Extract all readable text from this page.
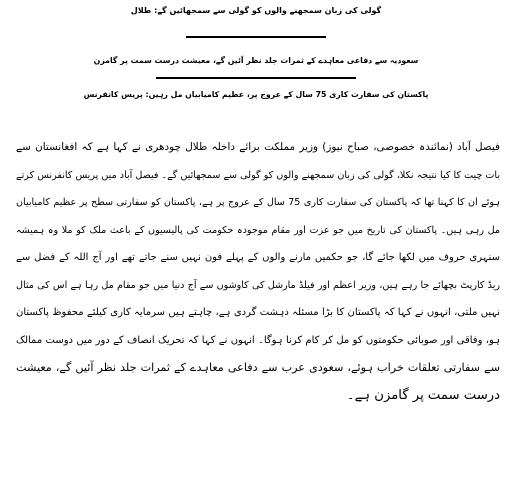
گولی کی زبان سمجھنے والوں کو گولی سے سمجھائیں گے: طلال
سعودیہ سے دفاعی معاہدے کے ثمرات جلد نظر آئیں گے، معیشت درست سمت پر گامزن
پاکستان کی سفارت کاری 75 سال کے عروج پر، عظیم کامیابیاں مل رہیں: پریس کانفرنس
فیصل آباد (نمائندہ خصوصی، صباح نیوز) وزیر مملکت برائے داخلہ طلال چودھری نے کہا ہے کہ افغانستان سے
بات چیت کا کیا نتیجہ نکلا، گولی کی زبان سمجھنے والوں کو گولی سے سمجھائیں گے۔ فیصل آباد میں پریس کانفرنس کرتے
ہوئے ان کا کہنا تھا کہ پاکستان کی سفارت کاری 75 سال کے عروج پر ہے، پاکستان کو سفارتی سطح پر عظیم کامیابیاں
مل رہی ہیں۔ پاکستان کی تاریخ میں جو عزت اور مقام موجودہ حکومت کی پالیسیوں کے باعث ملک کو ملا وہ ہمیشہ
سنہری حروف میں لکھا جائے گا، جو حکمیں مارنے والوں کے پہلے فون نہیں سنے جاتے تھے اور آج اللہ کے فضل سے
ریڈ کارپٹ بچھائے جا رہے ہیں، وزیر اعظم اور فیلڈ مارشل کی کاوشوں سے آج دنیا میں جو مقام مل رہا ہے اس کی مثال
نہیں ملتی، انہوں نے کہا کہ پاکستان کا بڑا مسئلہ دہشت گردی ہے، چاہتے ہیں سرمایہ کاری کیلئے محفوظ پاکستان
ہو، وفاقی اور صوبائی حکومتوں کو مل کر کام کرنا ہوگا۔ انہوں نے کہا کہ تحریک انصاف کے دور میں دوست ممالک
سے سفارتی تعلقات خراب ہوئے، سعودی عرب سے دفاعی معاہدے کے ثمرات جلد نظر آئیں گے، معیشت
درست سمت پر گامزن ہے۔
